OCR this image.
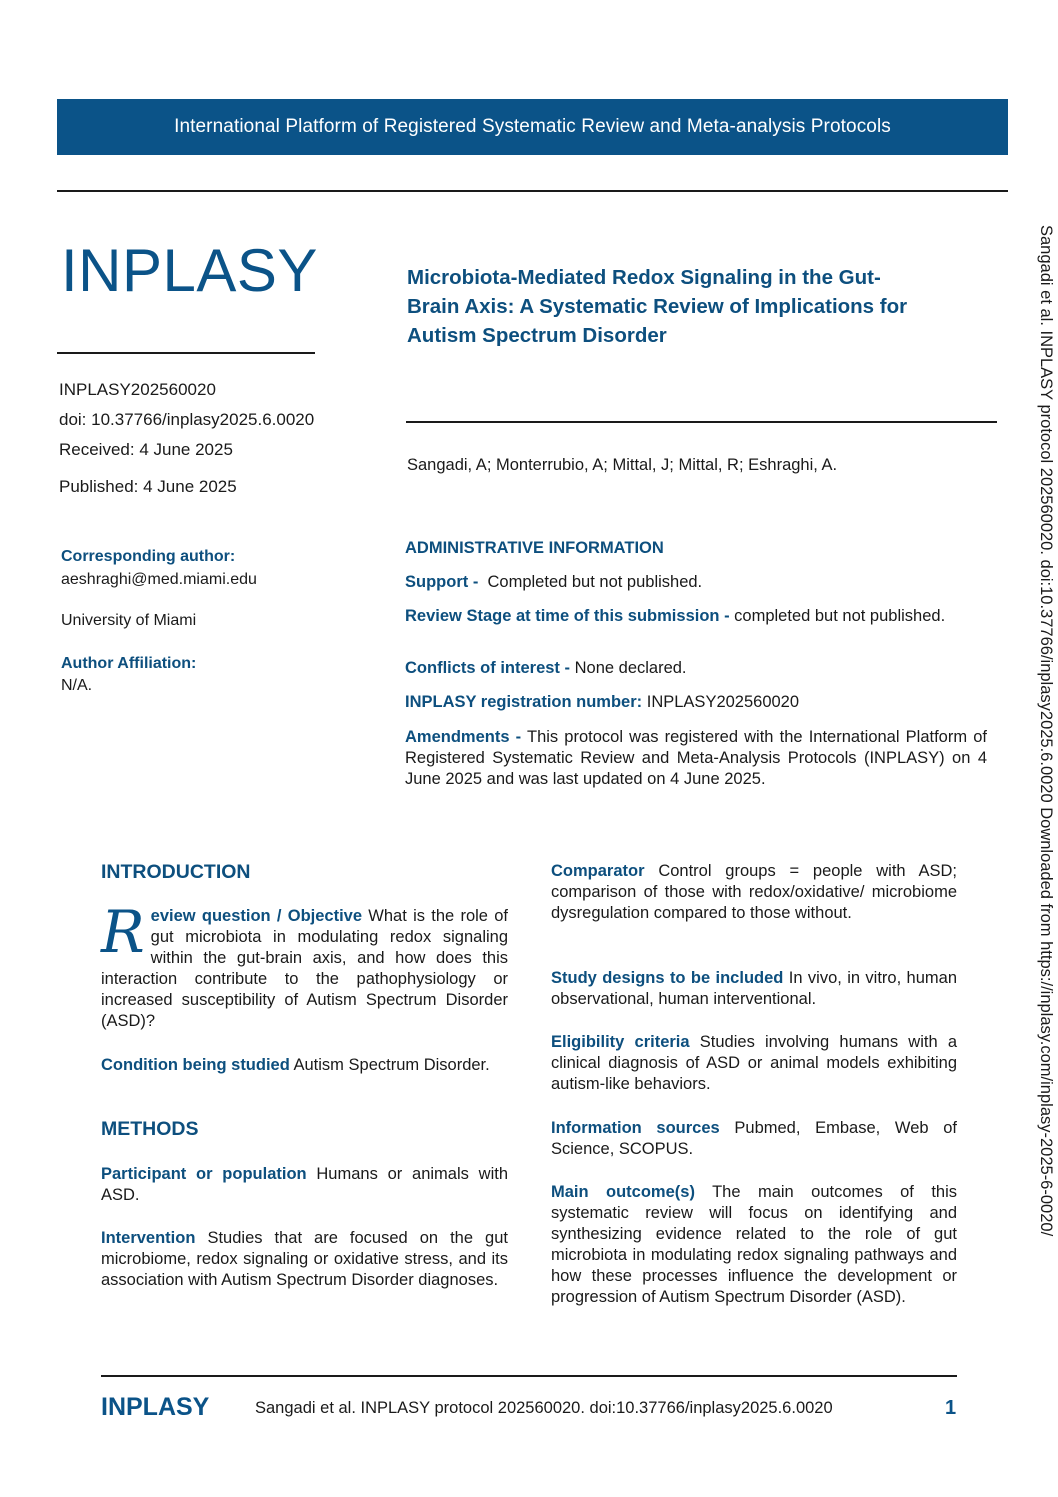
International Platform of Registered Systematic Review and Meta-analysis Protocols
INPLASY	Microbiota-Mediated Redox Signaling in the Gut-
Brain Axis: A Systematic Review of Implications for
Autism Spectrum Disorder
INPLASY202560020
doi: 10.37766/inplasy2025.6.0020
Received: 4 June 2025
Published: 4 June 2025
Sangadi, A; Monterrubio, A; Mittal, J; Mittal, R; Eshraghi, A.
Corresponding author:
aeshraghi@med.miami.edu
University of Miami
Author Affiliation:
N/A.
ADMINISTRATIVE INFORMATION
Support - Completed but not published.
Review Stage at time of this submission - completed but not published.
Conflicts of interest - None declared.
INPLASY registration number: INPLASY202560020
Amendments - This protocol was registered with the International Platform of Registered Systematic Review and Meta-Analysis Protocols (INPLASY) on 4 June 2025 and was last updated on 4 June 2025.
INTRODUCTION
Review question / Objective What is the role of gut microbiota in modulating redox signaling within the gut-brain axis, and how does this interaction contribute to the pathophysiology or increased susceptibility of Autism Spectrum Disorder (ASD)?
Condition being studied Autism Spectrum Disorder.
METHODS
Participant or population Humans or animals with ASD.
Intervention Studies that are focused on the gut microbiome, redox signaling or oxidative stress, and its association with Autism Spectrum Disorder diagnoses.
Comparator Control groups = people with ASD; comparison of those with redox/oxidative/ microbiome dysregulation compared to those without.
Study designs to be included In vivo, in vitro, human observational, human interventional.
Eligibility criteria Studies involving humans with a clinical diagnosis of ASD or animal models exhibiting autism-like behaviors.
Information sources Pubmed, Embase, Web of Science, SCOPUS.
Main outcome(s) The main outcomes of this systematic review will focus on identifying and synthesizing evidence related to the role of gut microbiota in modulating redox signaling pathways and how these processes influence the development or progression of Autism Spectrum Disorder (ASD).
Sangadi et al. INPLASY protocol 202560020. doi:10.37766/inplasy2025.6.0020 Downloaded from https://inplasy.com/inplasy-2025-6-0020/
INPLASY	Sangadi et al. INPLASY protocol 202560020. doi:10.37766/inplasy2025.6.0020	1
